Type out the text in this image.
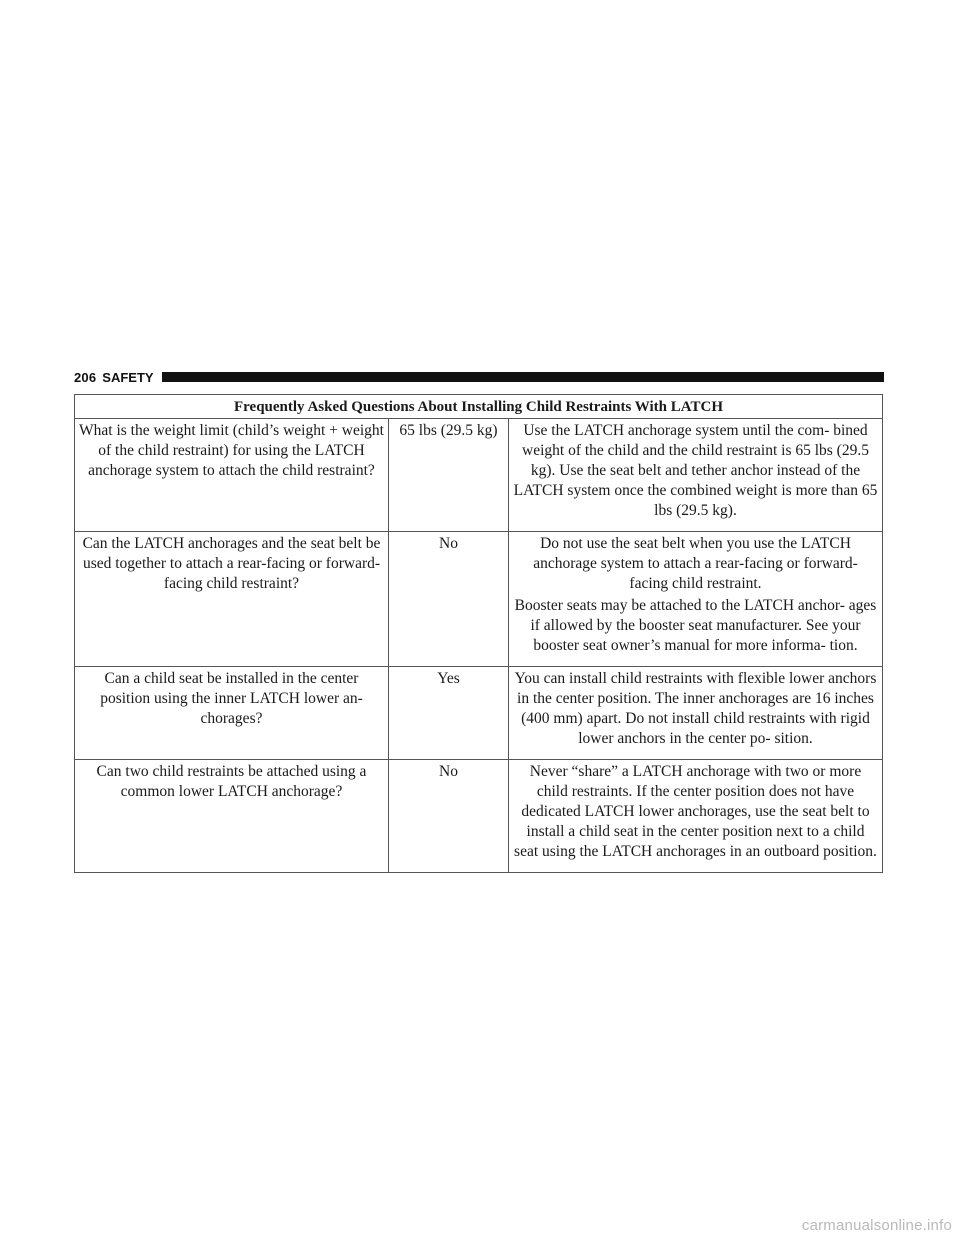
206 SAFETY
Frequently Asked Questions About Installing Child Restraints With LATCH		
What is the weight limit (child’s weight + weight of the child restraint) for using the LATCH anchorage system to attach the child restraint?	65 lbs (29.5 kg)	Use the LATCH anchorage system until the com- bined weight of the child and the child restraint is 65 lbs (29.5 kg). Use the seat belt and tether anchor instead of the LATCH system once the combined weight is more than 65 lbs (29.5 kg).

Can the LATCH anchorages and the seat belt be used together to attach a rear-facing or forward-facing child restraint?	No	Do not use the seat belt when you use the LATCH anchorage system to attach a rear-facing or forward- facing child restraint.

Booster seats may be attached to the LATCH anchor- ages if allowed by the booster seat manufacturer. See your booster seat owner’s manual for more informa- tion.

Can a child seat be installed in the center position using the inner LATCH lower an- chorages?	Yes	You can install child restraints with flexible lower anchors in the center position. The inner anchorages are 16 inches (400 mm) apart. Do not install child restraints with rigid lower anchors in the center po- sition.

Can two child restraints be attached using a common lower LATCH anchorage?	No	Never “share” a LATCH anchorage with two or more child restraints. If the center position does not have dedicated LATCH lower anchorages, use the seat belt to install a child seat in the center position next to a child seat using the LATCH anchorages in an outboard position.

carmanualsonline.info
